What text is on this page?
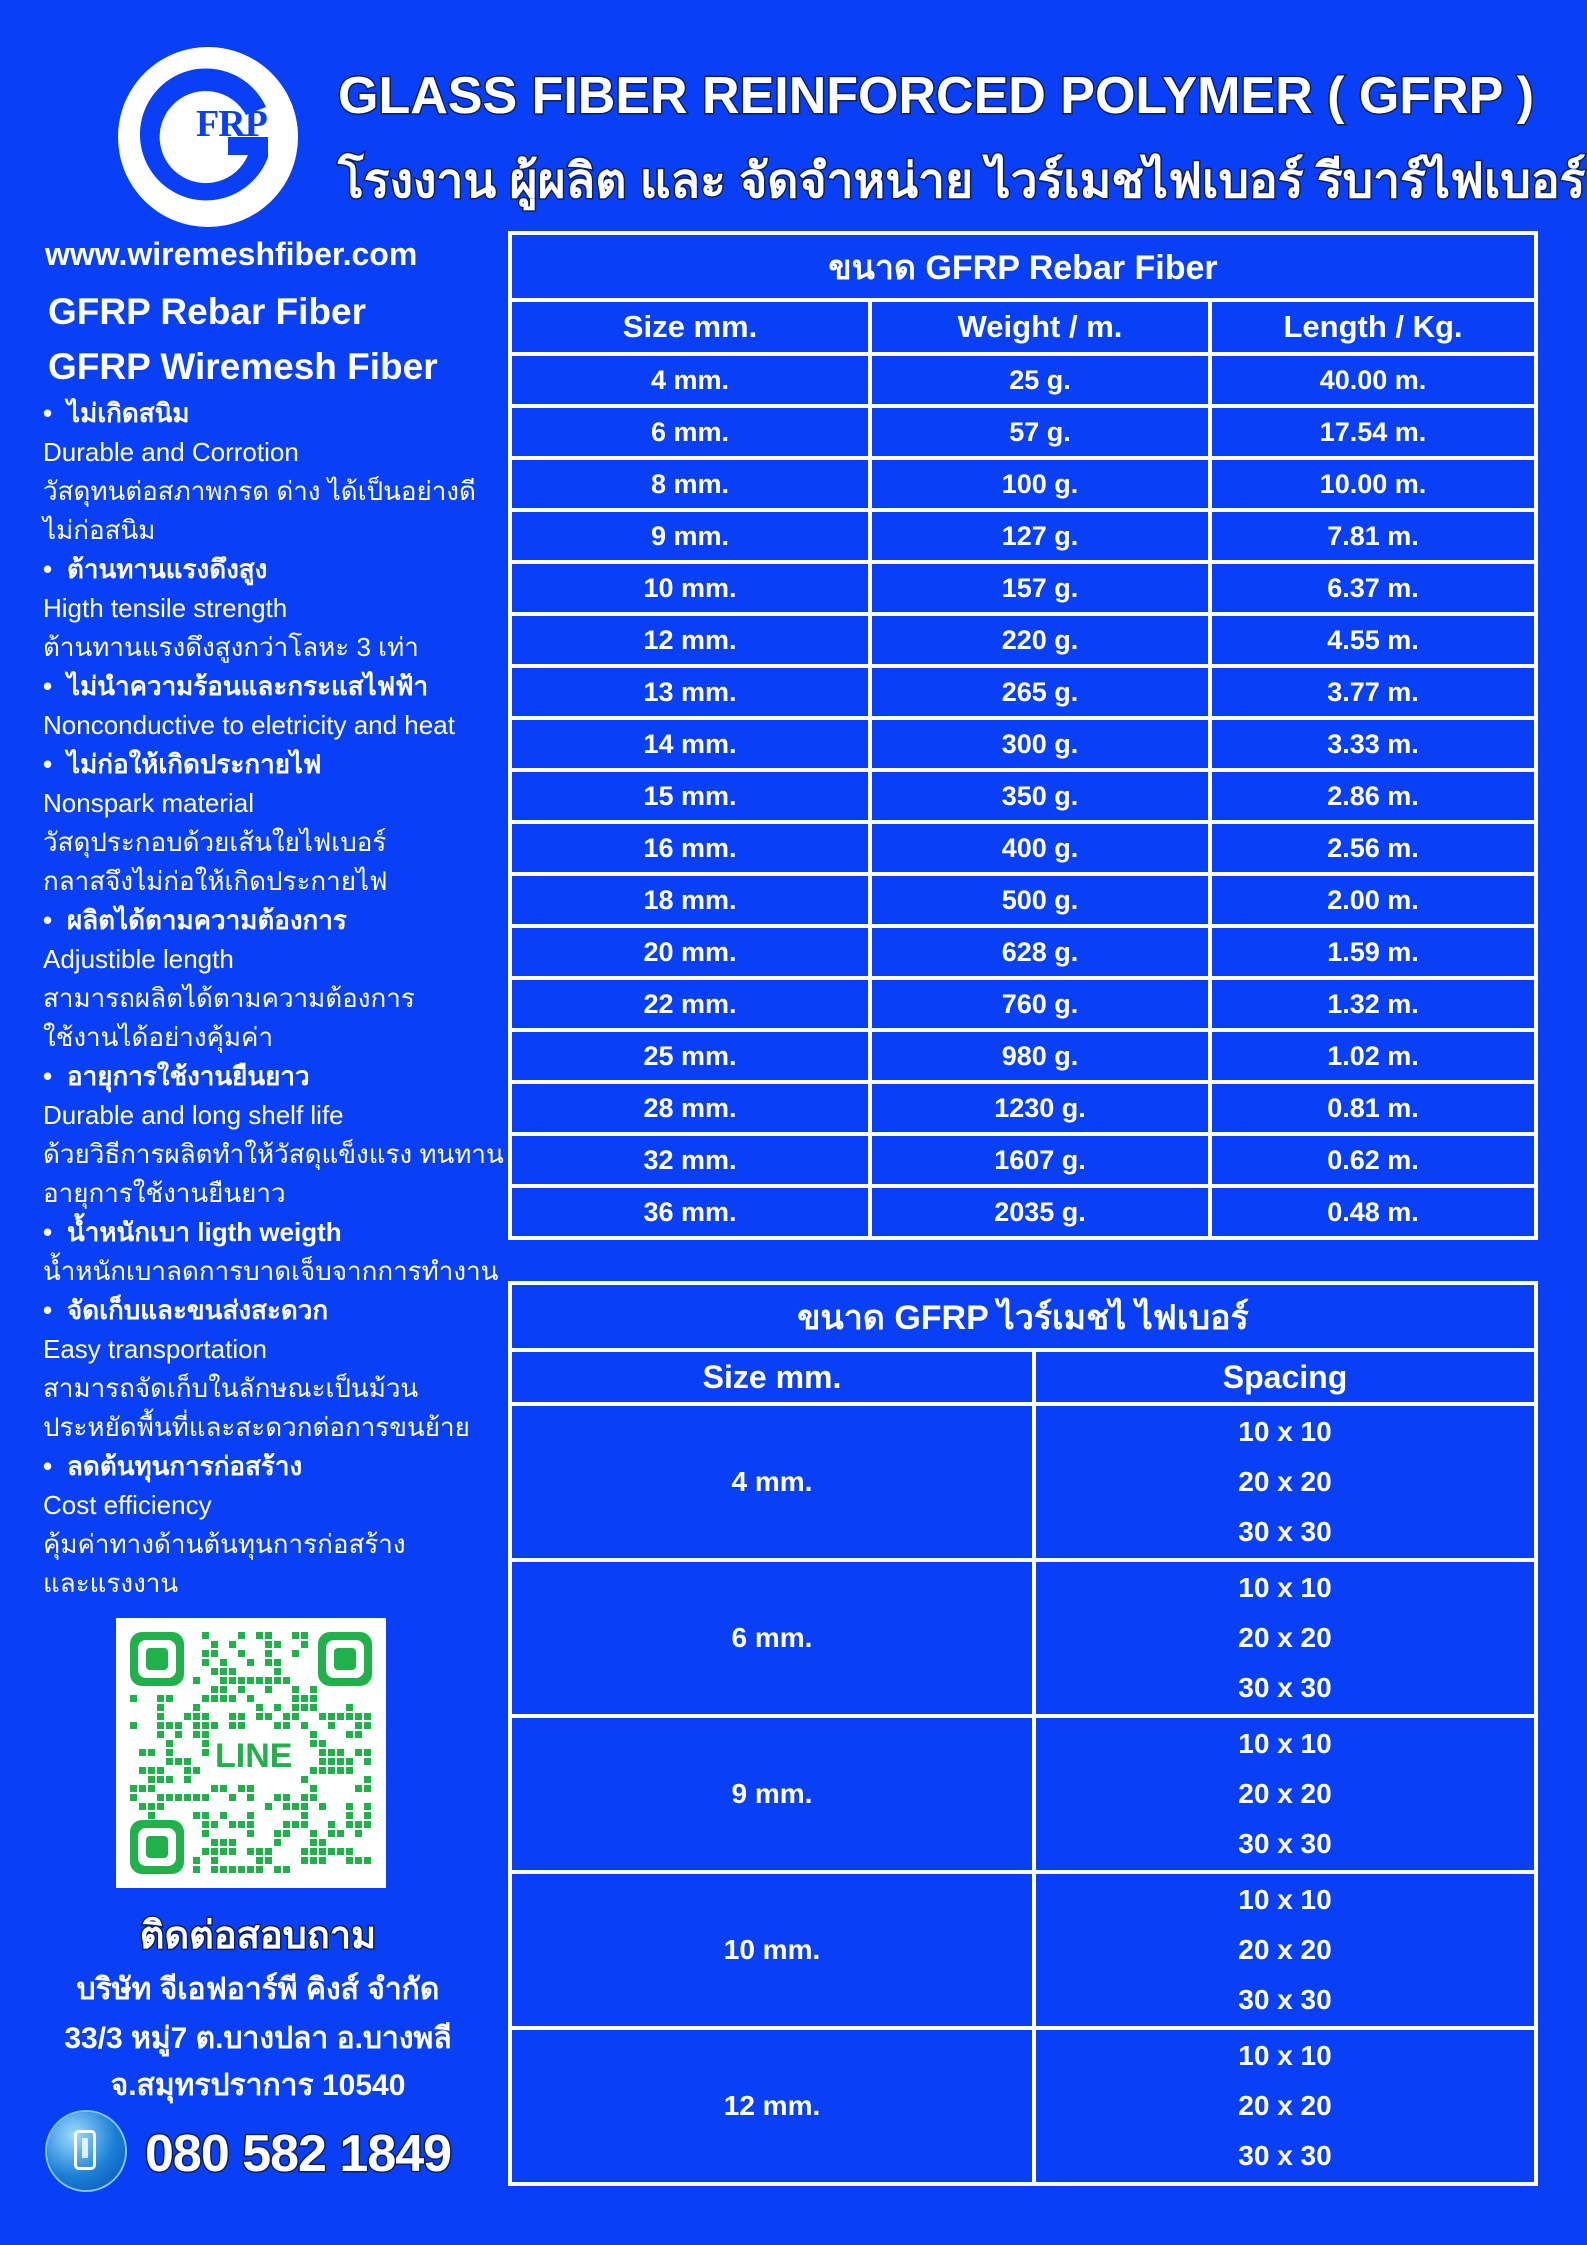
FRP GLASS FIBER REINFORCED POLYMER ( GFRP )
โรงงาน ผู้ผลิต และ จัดจำหน่าย ไวร์เมชไฟเบอร์ รีบาร์ไฟเบอร์
www.wiremeshfiber.com
GFRP Rebar Fiber
GFRP Wiremesh Fiber
• ไม่เกิดสนิม
Durable and Corrotion
วัสดุทนต่อสภาพกรด ด่าง ได้เป็นอย่างดี
ไม่ก่อสนิม
• ต้านทานแรงดึงสูง
Higth tensile strength
ต้านทานแรงดึงสูงกว่าโลหะ 3 เท่า
• ไม่นำความร้อนและกระแสไฟฟ้า
Nonconductive to eletricity and heat
• ไม่ก่อให้เกิดประกายไฟ
Nonspark material
วัสดุประกอบด้วยเส้นใยไฟเบอร์
กลาสจึงไม่ก่อให้เกิดประกายไฟ
• ผลิตได้ตามความต้องการ
Adjustible length
สามารถผลิตได้ตามความต้องการ
ใช้งานได้อย่างคุ้มค่า
• อายุการใช้งานยืนยาว
Durable and long shelf life
ด้วยวิธีการผลิตทำให้วัสดุแข็งแรง ทนทาน
อายุการใช้งานยืนยาว
• น้ำหนักเบา ligth weigth
น้ำหนักเบาลดการบาดเจ็บจากการทำงาน
• จัดเก็บและขนส่งสะดวก
Easy transportation
สามารถจัดเก็บในลักษณะเป็นม้วน
ประหยัดพื้นที่และสะดวกต่อการขนย้าย
• ลดต้นทุนการก่อสร้าง
Cost efficiency
คุ้มค่าทางด้านต้นทุนการก่อสร้าง
และแรงงาน
LINE
ติดต่อสอบถาม
บริษัท จีเอฟอาร์พี คิงส์ จำกัด
33/3 หมู่7 ต.บางปลา อ.บางพลี
จ.สมุทรปราการ 10540
080 582 1849
ขนาด GFRP Rebar Fiber		
Size mm.	Weight / m.	Length / Kg.
4 mm.	25 g.	40.00 m.
6 mm.	57 g.	17.54 m.
8 mm.	100 g.	10.00 m.
9 mm.	127 g.	7.81 m.
10 mm.	157 g.	6.37 m.
12 mm.	220 g.	4.55 m.
13 mm.	265 g.	3.77 m.
14 mm.	300 g.	3.33 m.
15 mm.	350 g.	2.86 m.
16 mm.	400 g.	2.56 m.
18 mm.	500 g.	2.00 m.
20 mm.	628 g.	1.59 m.
22 mm.	760 g.	1.32 m.
25 mm.	980 g.	1.02 m.
28 mm.	1230 g.	0.81 m.
32 mm.	1607 g.	0.62 m.
36 mm.	2035 g.	0.48 m.
ขนาด GFRP ไวร์เมชไ ไฟเบอร์	
Size mm.	Spacing
4 mm.	10 x 10
20 x 20
30 x 30

6 mm.	10 x 10
20 x 20
30 x 30

9 mm.	10 x 10
20 x 20
30 x 30

10 mm.	10 x 10
20 x 20
30 x 30

12 mm.	10 x 10
20 x 20
30 x 30
